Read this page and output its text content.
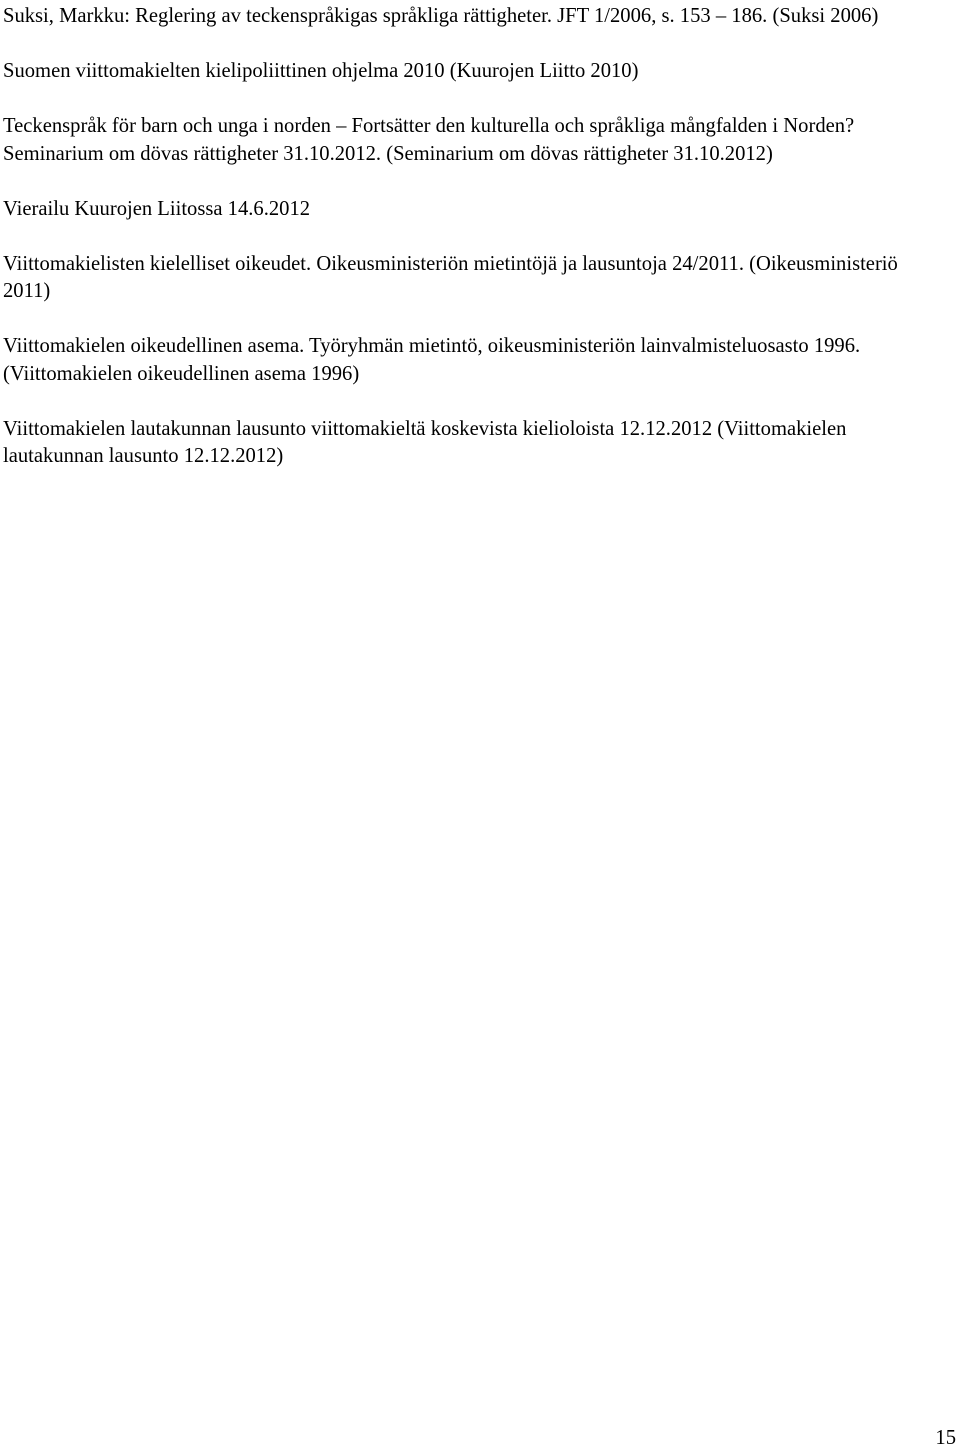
Suksi, Markku: Reglering av teckenspråkigas språkliga rättigheter. JFT 1/2006, s. 153 – 186. (Suksi 2006)
Suomen viittomakielten kielipoliittinen ohjelma 2010 (Kuurojen Liitto 2010)
Teckenspråk för barn och unga i norden – Fortsätter den kulturella och språkliga mångfalden i Norden? Seminarium om dövas rättigheter 31.10.2012. (Seminarium om dövas rättigheter 31.10.2012)
Vierailu Kuurojen Liitossa 14.6.2012
Viittomakielisten kielelliset oikeudet. Oikeusministeriön mietintöjä ja lausuntoja 24/2011. (Oikeusministeriö 2011)
Viittomakielen oikeudellinen asema. Työryhmän mietintö, oikeusministeriön lainvalmisteluosasto 1996. (Viittomakielen oikeudellinen asema 1996)
Viittomakielen lautakunnan lausunto viittomakieltä koskevista kielioloista 12.12.2012 (Viittomakielen lautakunnan lausunto 12.12.2012)
15
